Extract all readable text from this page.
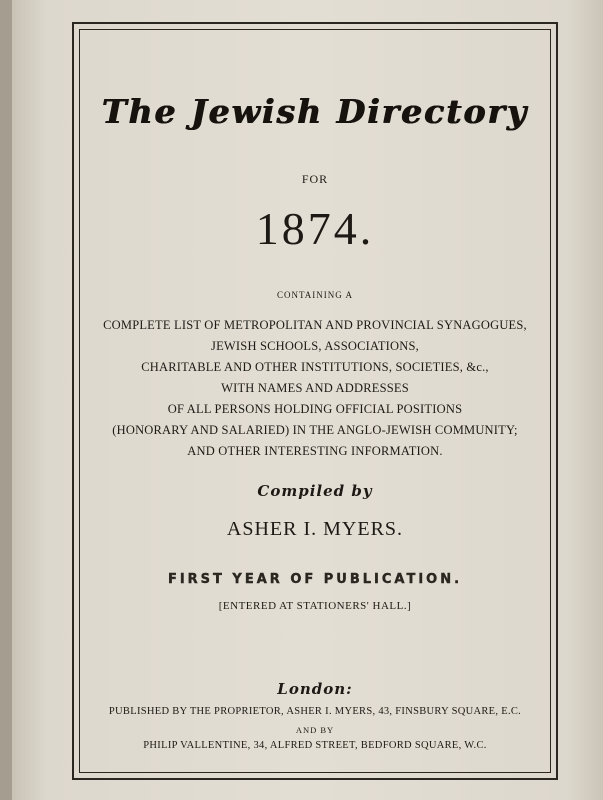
The Jewish Directory
FOR
1874.
CONTAINING A
COMPLETE LIST OF METROPOLITAN AND PROVINCIAL SYNAGOGUES,
JEWISH SCHOOLS, ASSOCIATIONS,
CHARITABLE AND OTHER INSTITUTIONS, SOCIETIES, &c.,
WITH NAMES AND ADDRESSES
OF ALL PERSONS HOLDING OFFICIAL POSITIONS
(HONORARY AND SALARIED) IN THE ANGLO-JEWISH COMMUNITY;
AND OTHER INTERESTING INFORMATION.
Compiled by
ASHER I. MYERS.
FIRST YEAR OF PUBLICATION.
[ENTERED AT STATIONERS' HALL.]
London:
PUBLISHED BY THE PROPRIETOR, ASHER I. MYERS, 43, FINSBURY SQUARE, E.C.
AND BY
PHILIP VALLENTINE, 34, ALFRED STREET, BEDFORD SQUARE, W.C.
